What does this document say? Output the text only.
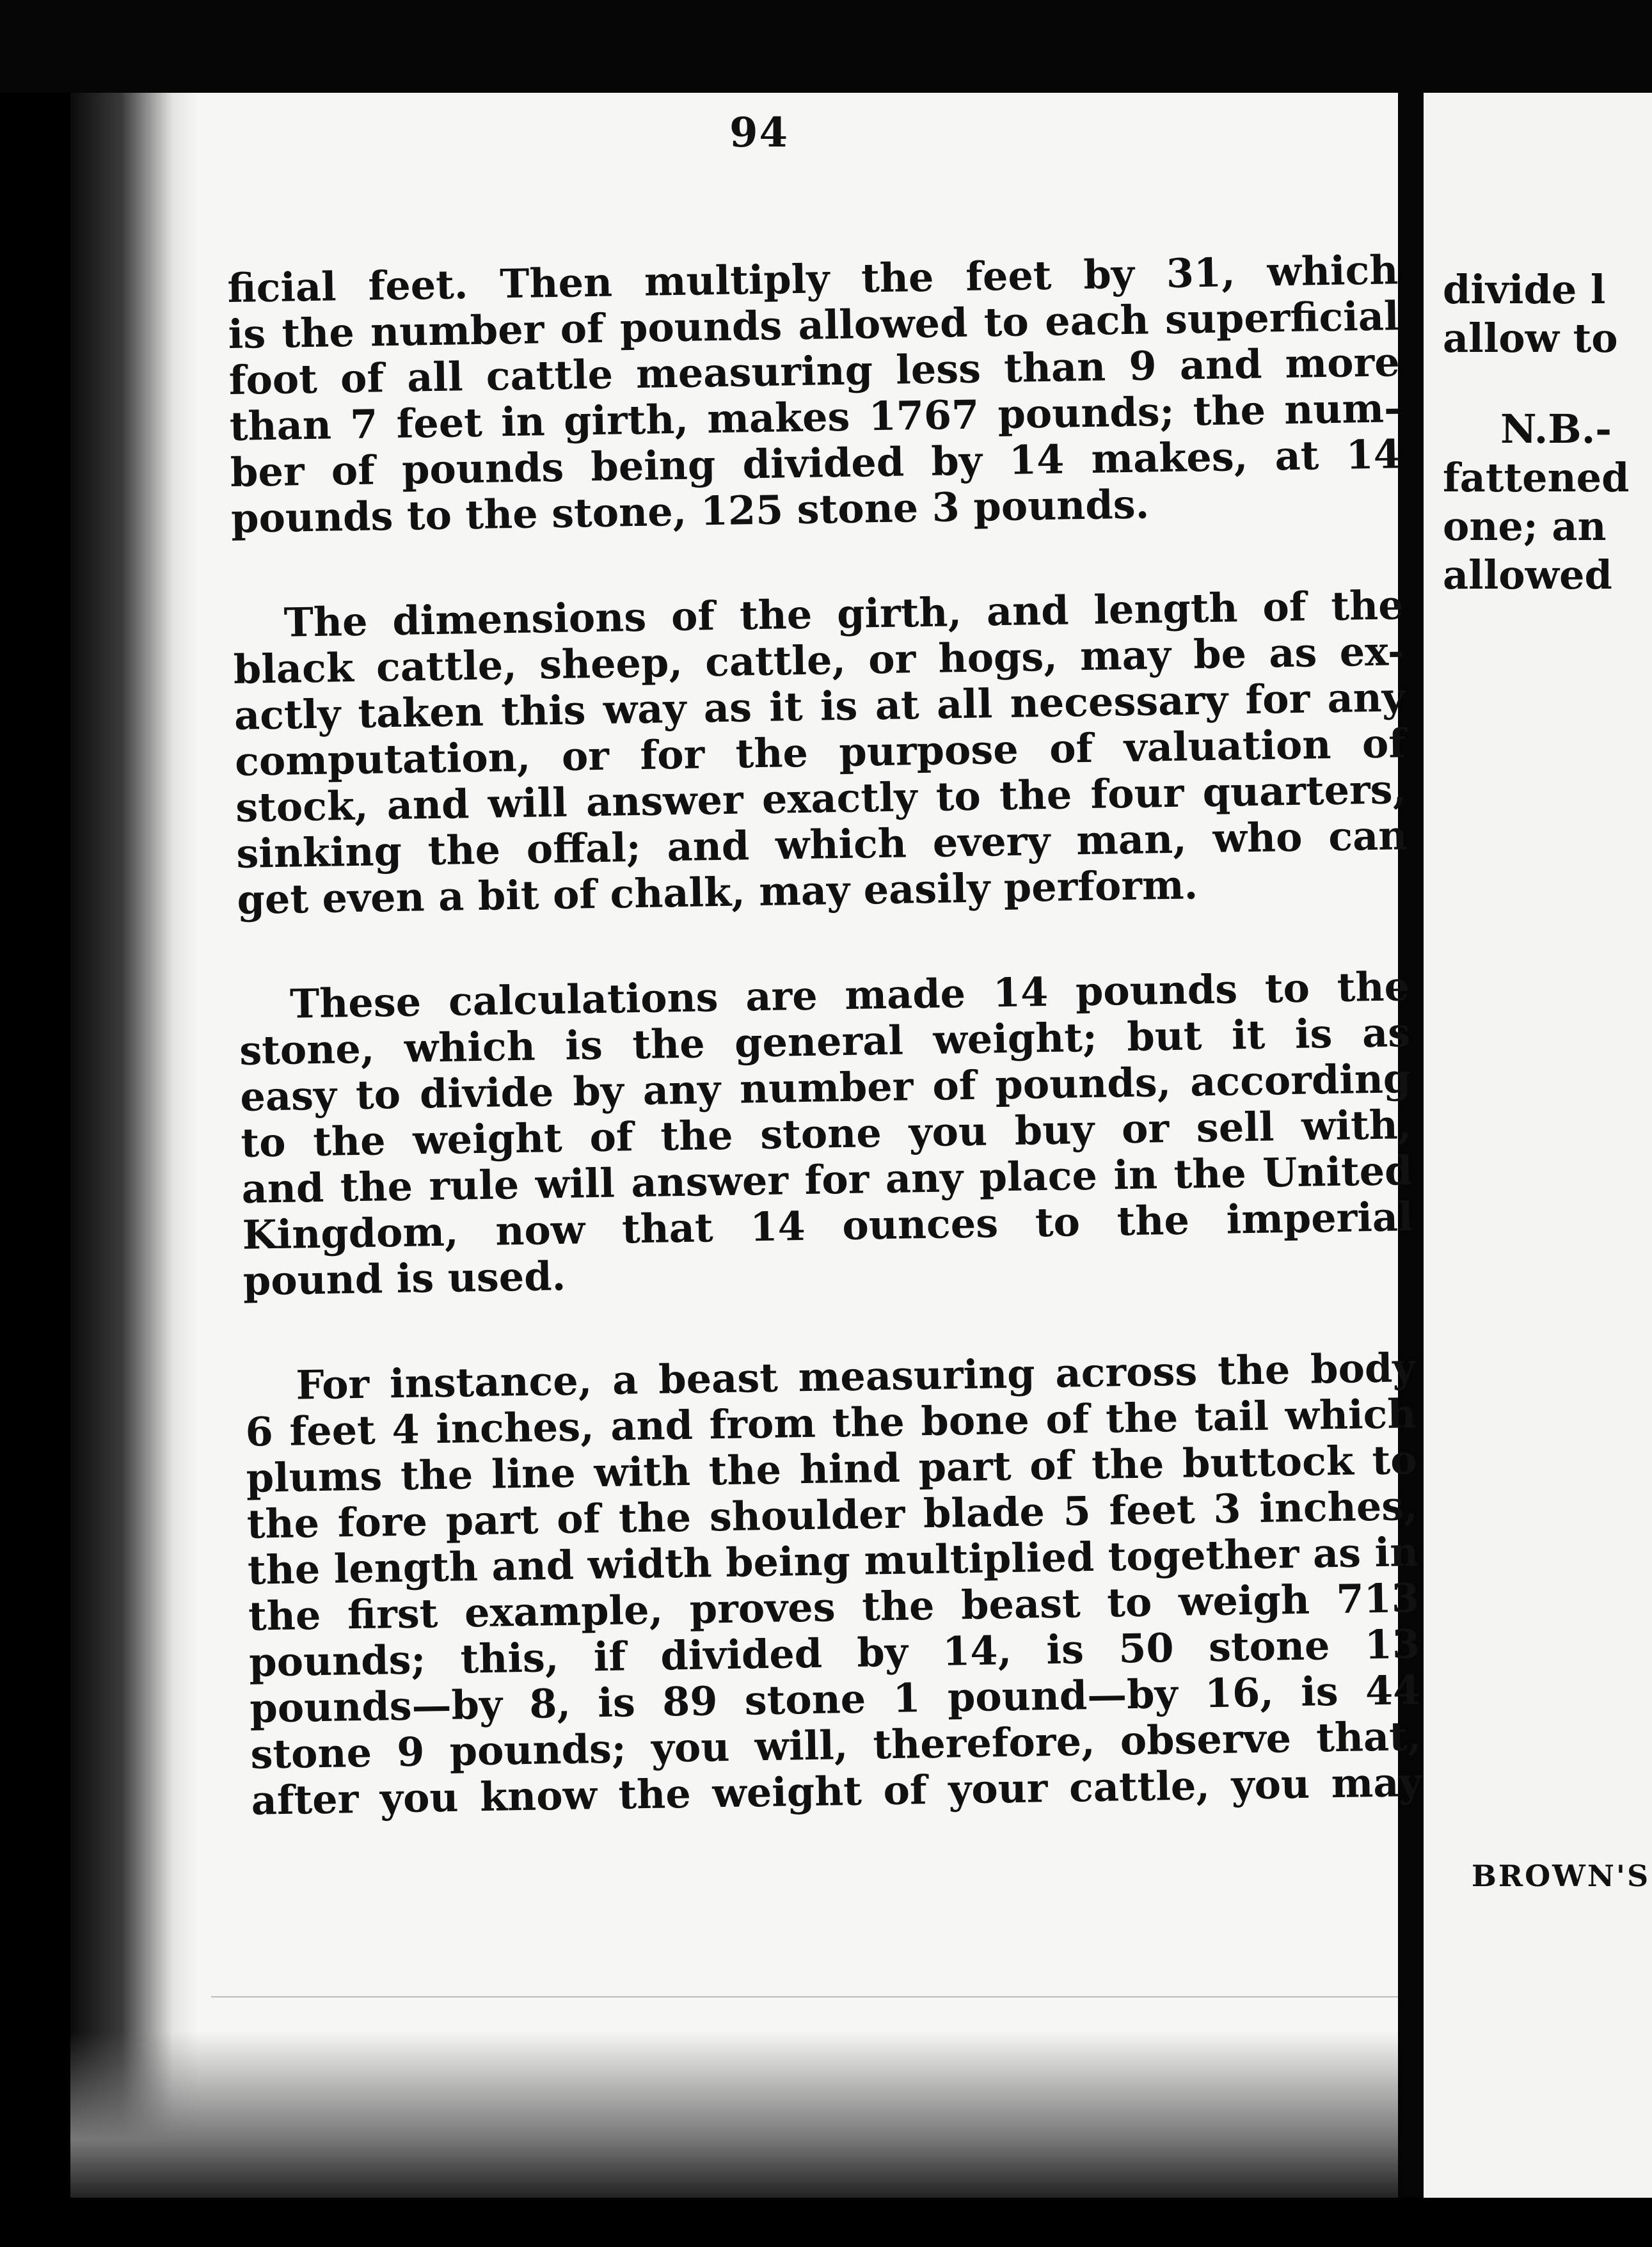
divide l
allow to
N.B.-
fattened
one; an
allowed
BROWN'S
94
ficial feet. Then multiply the feet by 31, which
is the number of pounds allowed to each superficial
foot of all cattle measuring less than 9 and more
than 7 feet in girth, makes 1767 pounds; the num-
ber of pounds being divided by 14 makes, at 14
pounds to the stone, 125 stone 3 pounds.
The dimensions of the girth, and length of the
black cattle, sheep, cattle, or hogs, may be as ex-
actly taken this way as it is at all necessary for any
computation, or for the purpose of valuation of
stock, and will answer exactly to the four quarters,
sinking the offal; and which every man, who can
get even a bit of chalk, may easily perform.
These calculations are made 14 pounds to the
stone, which is the general weight; but it is as
easy to divide by any number of pounds, according
to the weight of the stone you buy or sell with,
and the rule will answer for any place in the United
Kingdom, now that 14 ounces to the imperial
pound is used.
For instance, a beast measuring across the body
6 feet 4 inches, and from the bone of the tail which
plums the line with the hind part of the buttock to
the fore part of the shoulder blade 5 feet 3 inches,
the length and width being multiplied together as in
the first example, proves the beast to weigh 713
pounds; this, if divided by 14, is 50 stone 13
pounds—by 8, is 89 stone 1 pound—by 16, is 44
stone 9 pounds; you will, therefore, observe that,
after you know the weight of your cattle, you may
